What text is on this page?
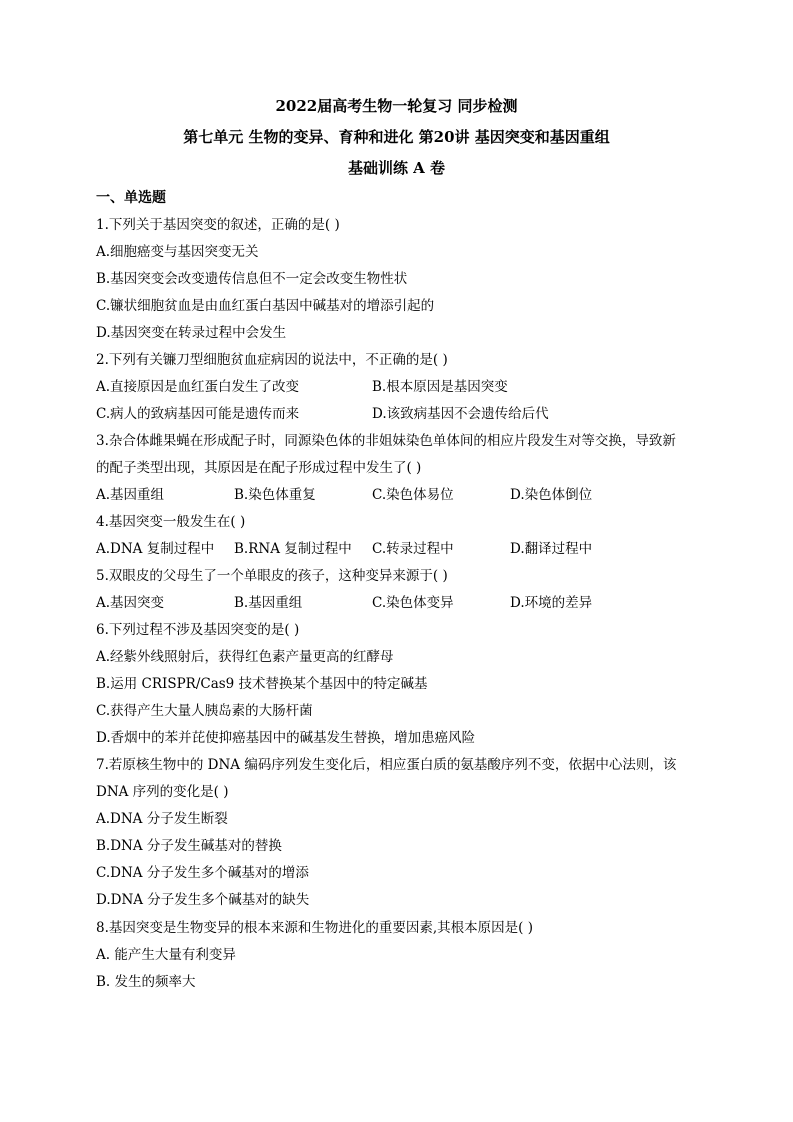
2022届高考生物一轮复习 同步检测
第七单元 生物的变异、育种和进化 第20讲 基因突变和基因重组
基础训练 A 卷
一、单选题
1.下列关于基因突变的叙述，正确的是( )
A.细胞癌变与基因突变无关
B.基因突变会改变遗传信息但不一定会改变生物性状
C.镰状细胞贫血是由血红蛋白基因中碱基对的增添引起的
D.基因突变在转录过程中会发生
2.下列有关镰刀型细胞贫血症病因的说法中，不正确的是( )
A.直接原因是血红蛋白发生了改变	B.根本原因是基因突变
C.病人的致病基因可能是遗传而来	D.该致病基因不会遗传给后代
3.杂合体雌果蝇在形成配子时，同源染色体的非姐妹染色单体间的相应片段发生对等交换，导致新
的配子类型出现，其原因是在配子形成过程中发生了( )
A.基因重组	B.染色体重复	C.染色体易位	D.染色体倒位
4.基因突变一般发生在( )
A.DNA 复制过程中 B.RNA 复制过程中 C.转录过程中	D.翻译过程中
5.双眼皮的父母生了一个单眼皮的孩子，这种变异来源于( )
A.基因突变	B.基因重组	C.染色体变异	D.环境的差异
6.下列过程不涉及基因突变的是( )
A.经紫外线照射后，获得红色素产量更高的红酵母
B.运用 CRISPR/Cas9 技术替换某个基因中的特定碱基
C.获得产生大量人胰岛素的大肠杆菌
D.香烟中的苯并芘使抑癌基因中的碱基发生替换，增加患癌风险
7.若原核生物中的 DNA 编码序列发生变化后，相应蛋白质的氨基酸序列不变，依据中心法则，该
DNA 序列的变化是( )
A.DNA 分子发生断裂
B.DNA 分子发生碱基对的替换
C.DNA 分子发生多个碱基对的增添
D.DNA 分子发生多个碱基对的缺失
8.基因突变是生物变异的根本来源和生物进化的重要因素,其根本原因是( )
A. 能产生大量有利变异
B. 发生的频率大
